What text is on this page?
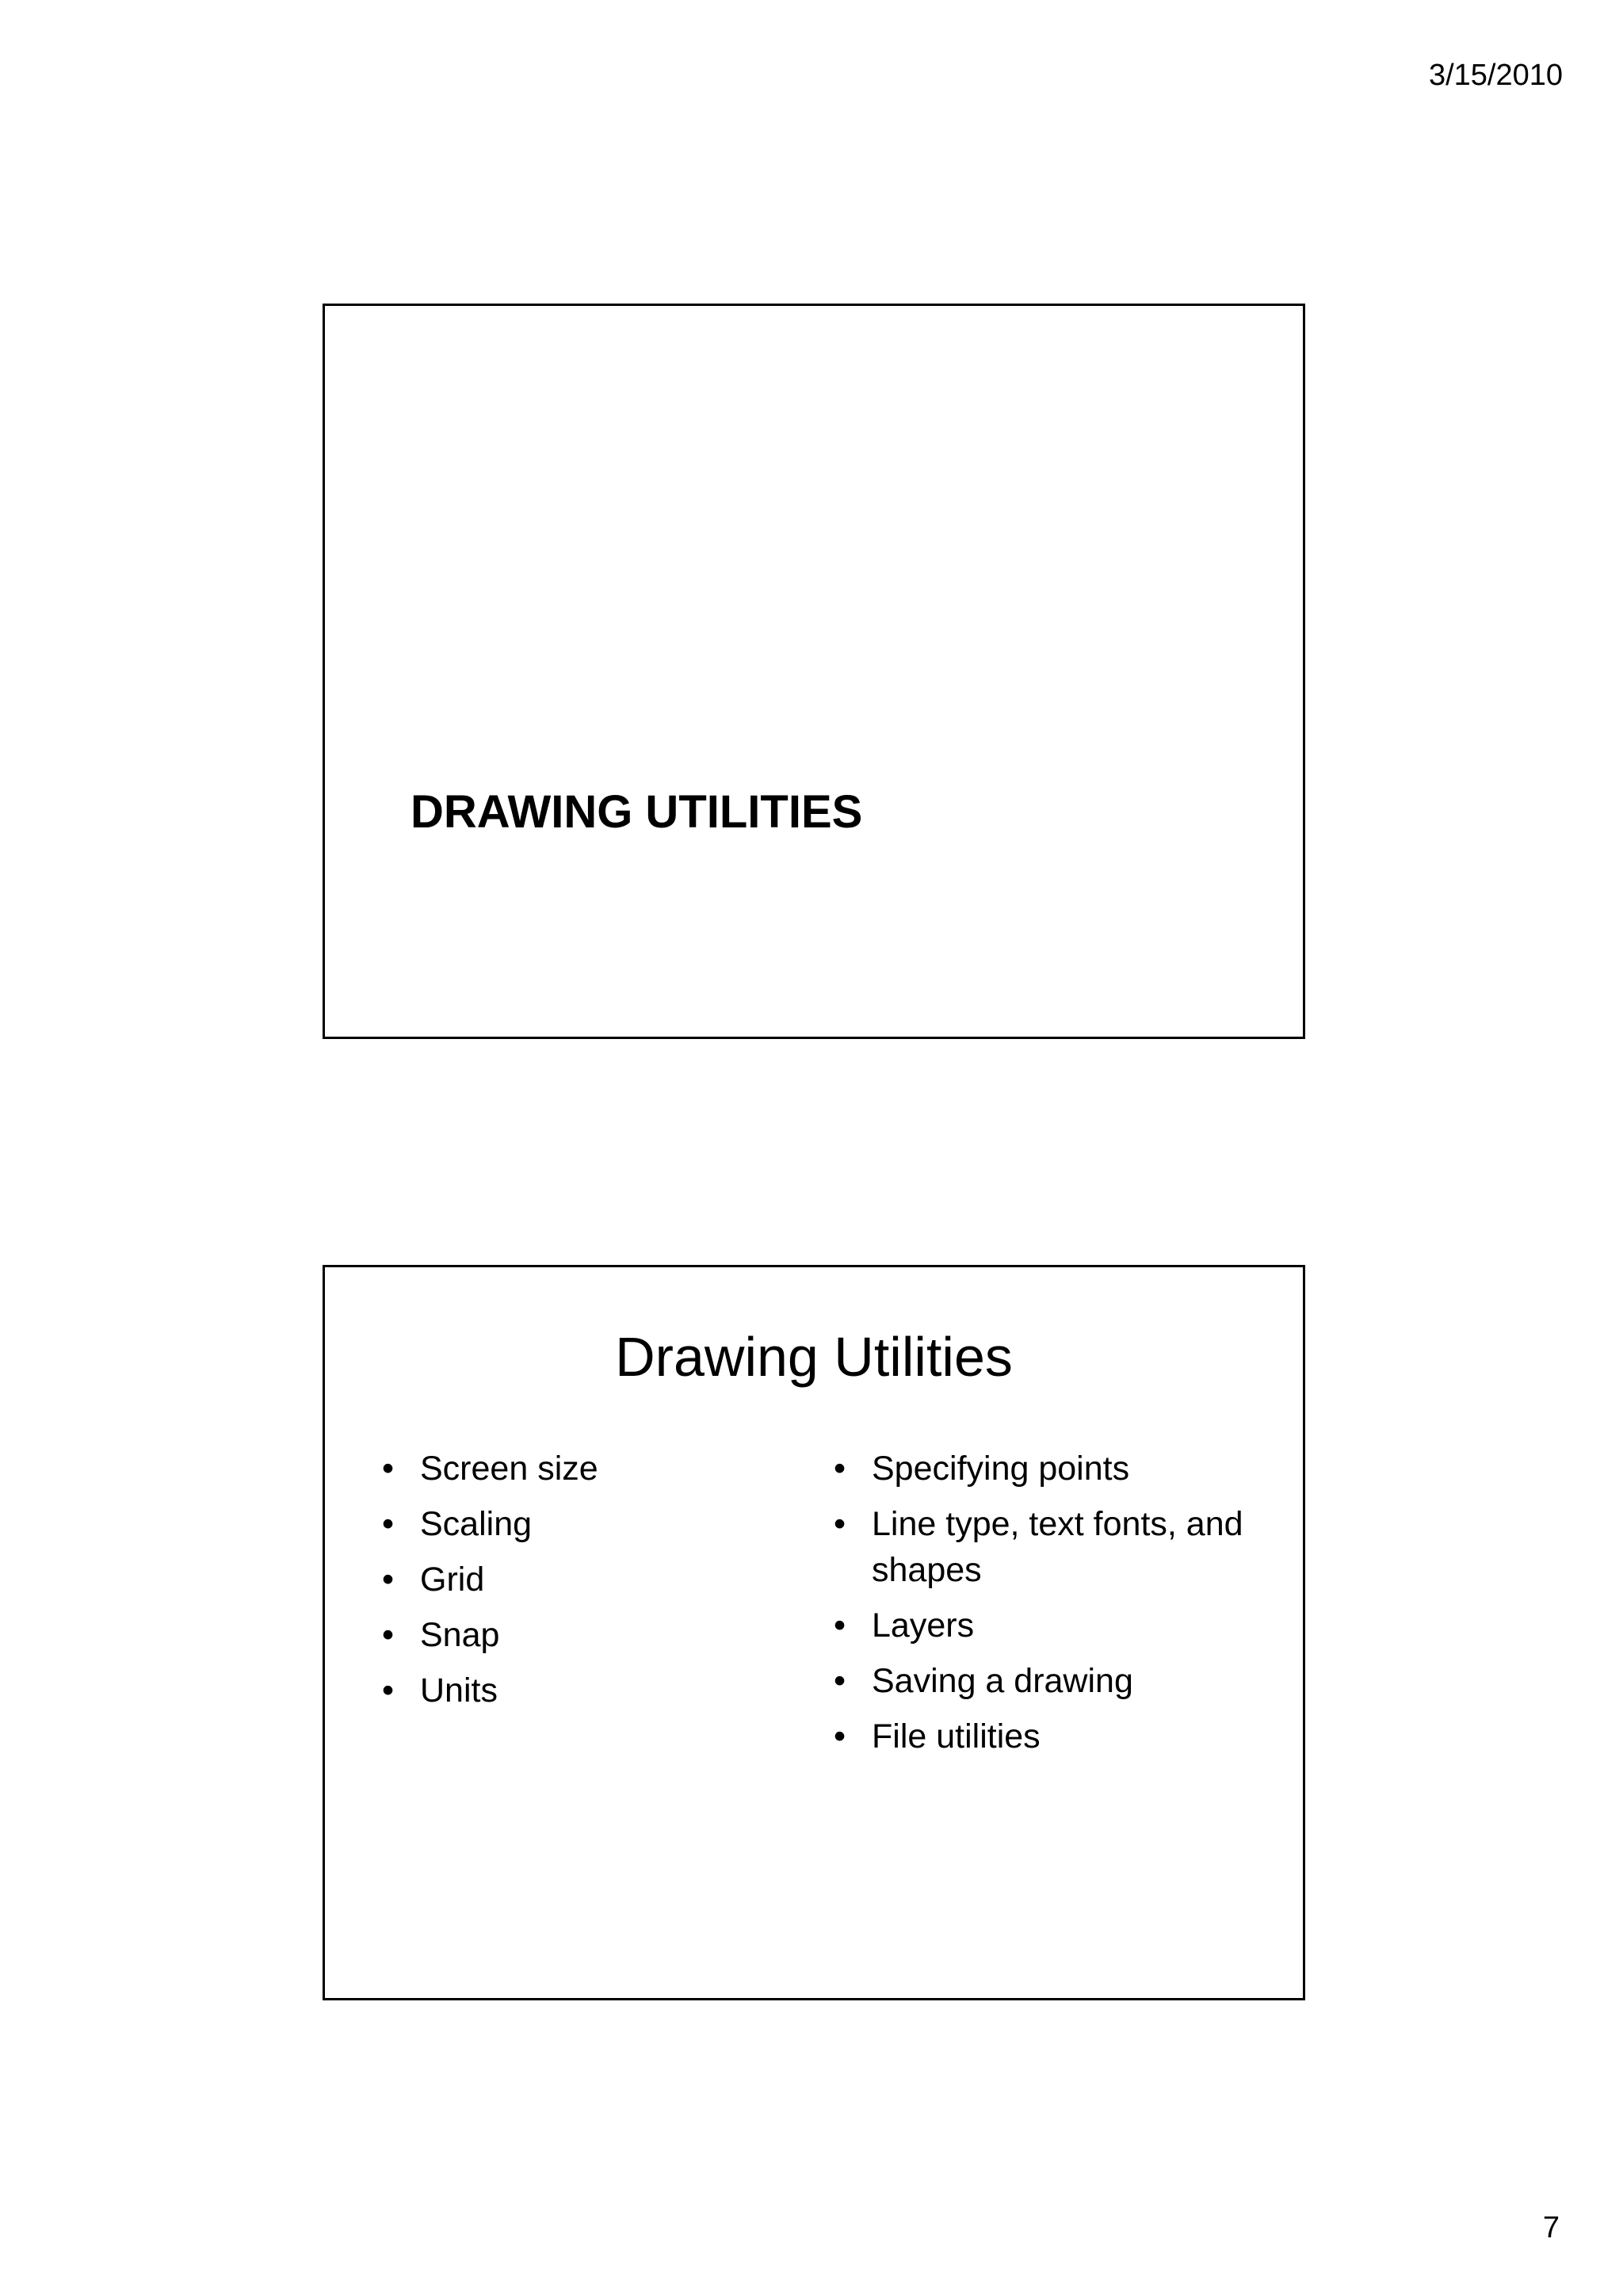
3/15/2010
DRAWING UTILITIES
Drawing Utilities
• Screen size
• Scaling
• Grid
• Snap
• Units
• Specifying points
• Line type, text fonts, and shapes
• Layers
• Saving a drawing
• File utilities
7
